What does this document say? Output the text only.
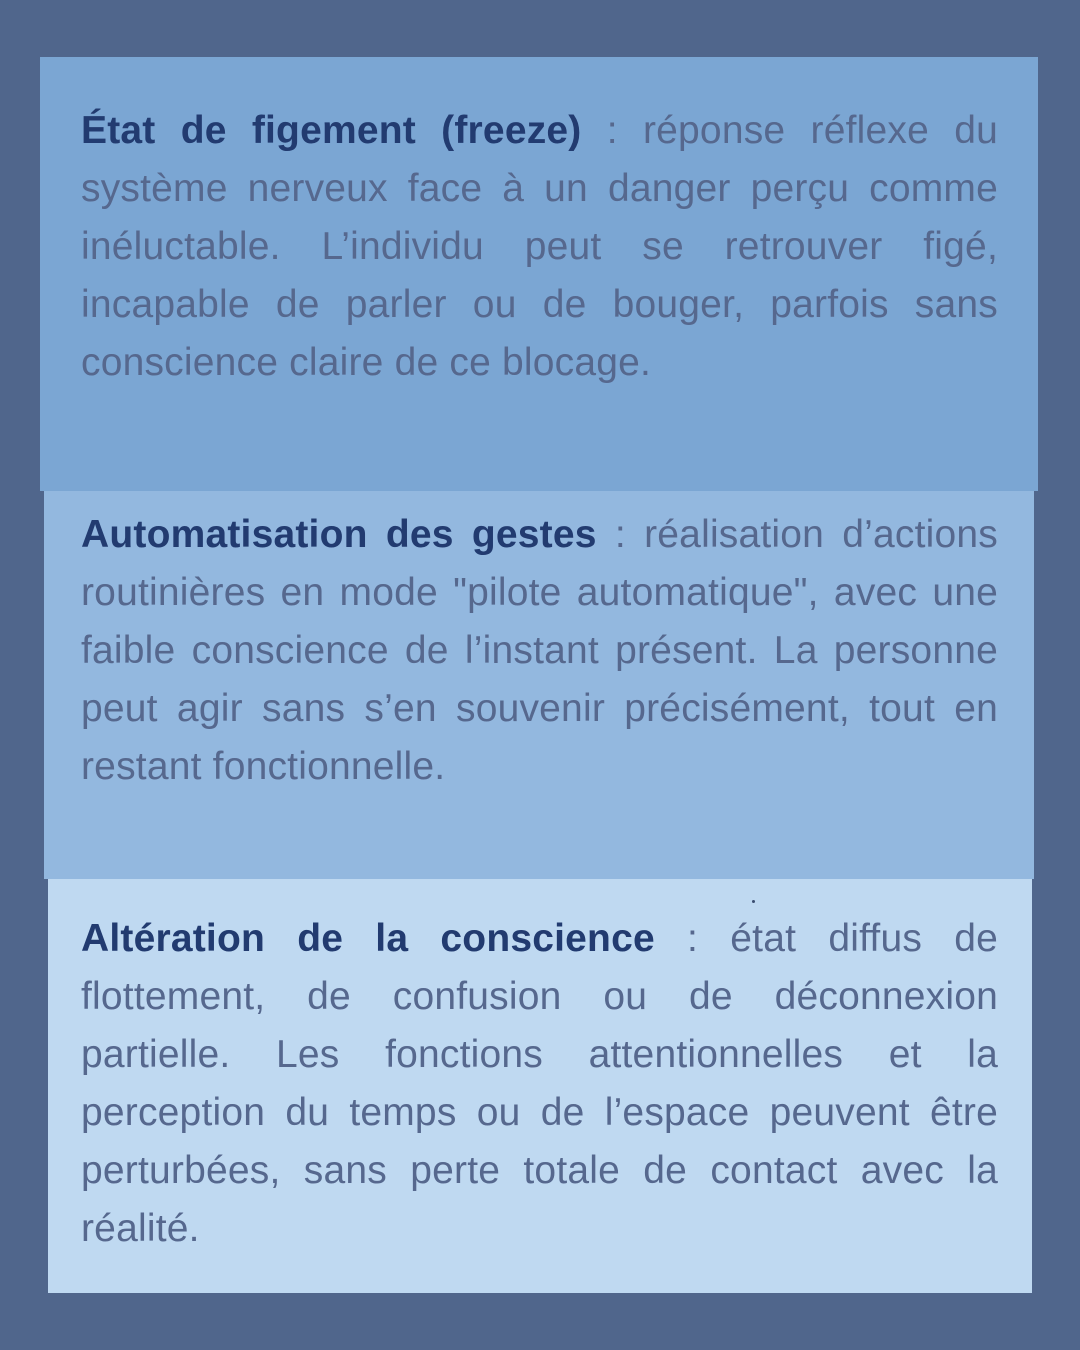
État de figement (freeze) : réponse réflexe du système nerveux face à un danger perçu comme inéluctable. L’individu peut se retrouver figé, incapable de parler ou de bouger, parfois sans conscience claire de ce blocage.

Automatisation des gestes : réalisation d’actions routinières en mode "pilote automatique", avec une faible conscience de l’instant présent. La personne peut agir sans s’en souvenir précisément, tout en restant fonctionnelle.

Altération de la conscience : état diffus de flottement, de confusion ou de déconnexion partielle. Les fonctions attentionnelles et la perception du temps ou de l’espace peuvent être perturbées, sans perte totale de contact avec la réalité.
